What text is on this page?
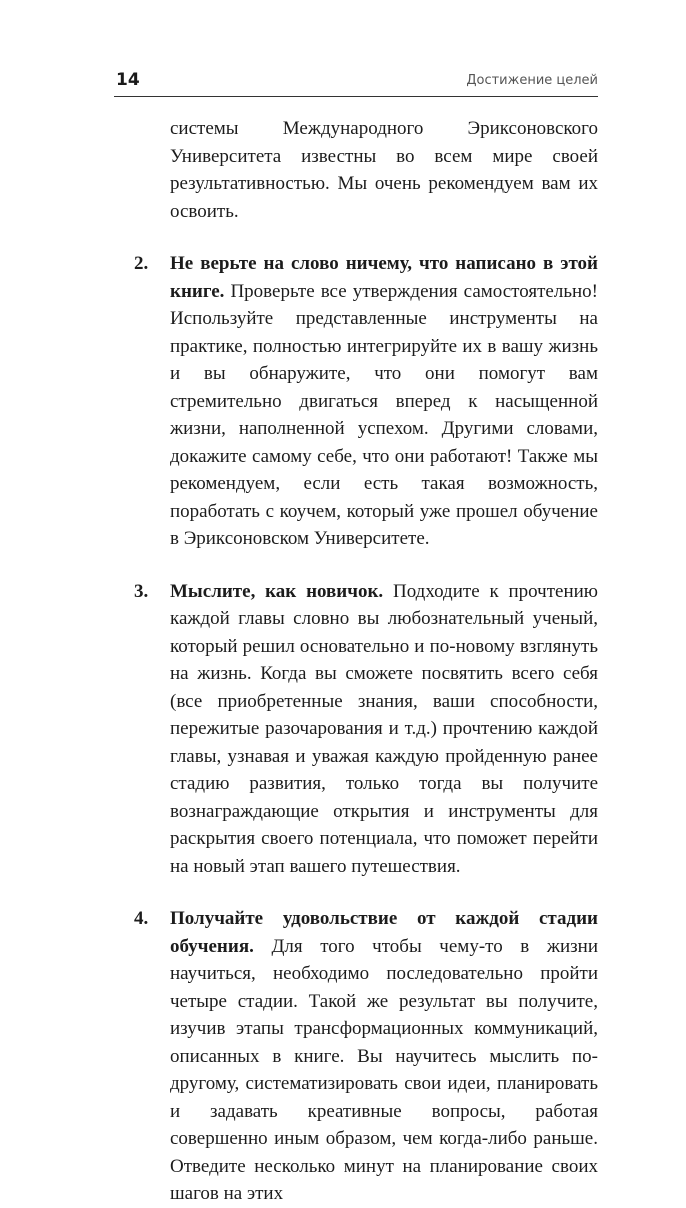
14	Достижение целей

системы Международного Эриксоновского Университета известны во всем мире своей результативностью. Мы очень рекомендуем вам их освоить.

2. Не верьте на слово ничему, что написано в этой книге. Проверьте все утверждения самостоятельно! Используйте представленные инструменты на практике, полностью интегрируйте их в вашу жизнь и вы обнаружите, что они помогут вам стремительно двигаться вперед к насыщенной жизни, наполненной успехом. Другими словами, докажите самому себе, что они работают! Также мы рекомендуем, если есть такая возможность, поработать с коучем, который уже прошел обучение в Эриксоновском Университете.
3. Мыслите, как новичок. Подходите к прочтению каждой главы словно вы любознательный ученый, который решил основательно и по-новому взглянуть на жизнь. Когда вы сможете посвятить всего себя (все приобретенные знания, ваши способности, пережитые разочарования и т.д.) прочтению каждой главы, узнавая и уважая каждую пройденную ранее стадию развития, только тогда вы получите вознаграждающие открытия и инструменты для раскрытия своего потенциала, что поможет перейти на новый этап вашего путешествия.
4. Получайте удовольствие от каждой стадии обучения. Для того чтобы чему-то в жизни научиться, необходимо последовательно пройти четыре стадии. Такой же результат вы получите, изучив этапы трансформационных коммуникаций, описанных в книге. Вы научитесь мыслить по-другому, систематизировать свои идеи, планировать и задавать креативные вопросы, работая совершенно иным образом, чем когда-либо раньше. Отведите несколько минут на планирование своих шагов на этих
